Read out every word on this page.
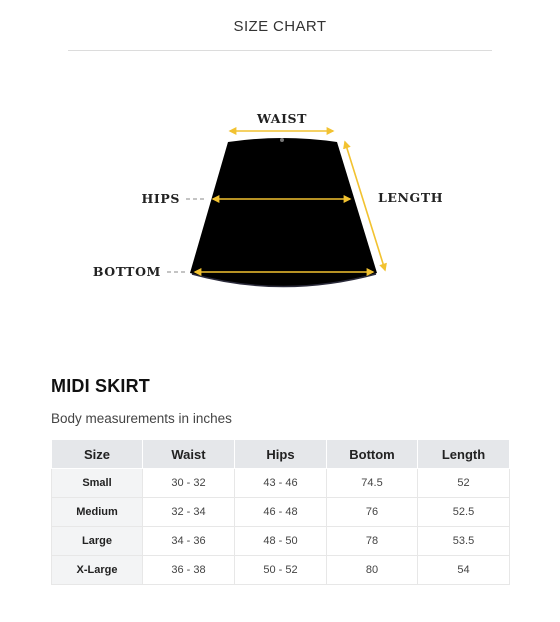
SIZE CHART
WAIST
HIPS	LENGTH
BOTTOM
MIDI SKIRT

Body measurements in inches

Size	Waist	Hips	Bottom	Length
Small	30 - 32	43 - 46	74.5	52
Medium	32 - 34	46 - 48	76	52.5
Large	34 - 36	48 - 50	78	53.5
X-Large	36 - 38	50 - 52	80	54
